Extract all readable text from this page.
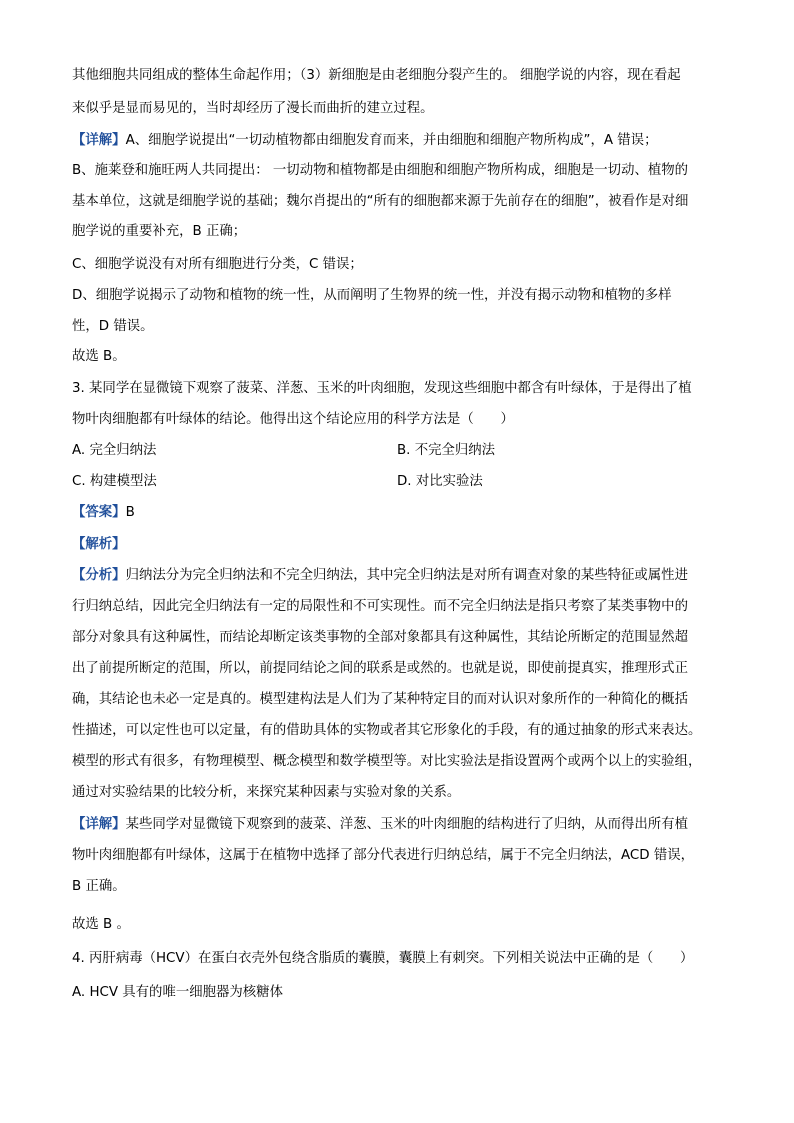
其他细胞共同组成的整体生命起作用；（3）新细胞是由老细胞分裂产生的。 细胞学说的内容，现在看起
来似乎是显而易见的，当时却经历了漫长而曲折的建立过程。
【详解】A、细胞学说提出“一切动植物都由细胞发育而来，并由细胞和细胞产物所构成”，A 错误；
B、施莱登和施旺两人共同提出： 一切动物和植物都是由细胞和细胞产物所构成，细胞是一切动、植物的
基本单位，这就是细胞学说的基础；魏尔肖提出的“所有的细胞都来源于先前存在的细胞”，被看作是对细
胞学说的重要补充，B 正确；
C、细胞学说没有对所有细胞进行分类，C 错误；
D、细胞学说揭示了动物和植物的统一性，从而阐明了生物界的统一性，并没有揭示动物和植物的多样
性，D 错误。
故选 B。
3. 某同学在显微镜下观察了菠菜、洋葱、玉米的叶肉细胞，发现这些细胞中都含有叶绿体，于是得出了植
物叶肉细胞都有叶绿体的结论。他得出这个结论应用的科学方法是（　　）
A. 完全归纳法	B. 不完全归纳法
C. 构建模型法	D. 对比实验法
【答案】B
【解析】
【分析】归纳法分为完全归纳法和不完全归纳法，其中完全归纳法是对所有调查对象的某些特征或属性进
行归纳总结，因此完全归纳法有一定的局限性和不可实现性。而不完全归纳法是指只考察了某类事物中的
部分对象具有这种属性，而结论却断定该类事物的全部对象都具有这种属性，其结论所断定的范围显然超
出了前提所断定的范围，所以，前提同结论之间的联系是或然的。也就是说，即使前提真实，推理形式正
确，其结论也未必一定是真的。模型建构法是人们为了某种特定目的而对认识对象所作的一种简化的概括
性描述，可以定性也可以定量，有的借助具体的实物或者其它形象化的手段，有的通过抽象的形式来表达。
模型的形式有很多，有物理模型、概念模型和数学模型等。对比实验法是指设置两个或两个以上的实验组，
通过对实验结果的比较分析，来探究某种因素与实验对象的关系。
【详解】某些同学对显微镜下观察到的菠菜、洋葱、玉米的叶肉细胞的结构进行了归纳，从而得出所有植
物叶肉细胞都有叶绿体，这属于在植物中选择了部分代表进行归纳总结，属于不完全归纳法，ACD 错误，
B 正确。
故选 B 。
4. 丙肝病毒（HCV）在蛋白衣壳外包绕含脂质的囊膜，囊膜上有刺突。下列相关说法中正确的是（　　）
A. HCV 具有的唯一细胞器为核糖体
